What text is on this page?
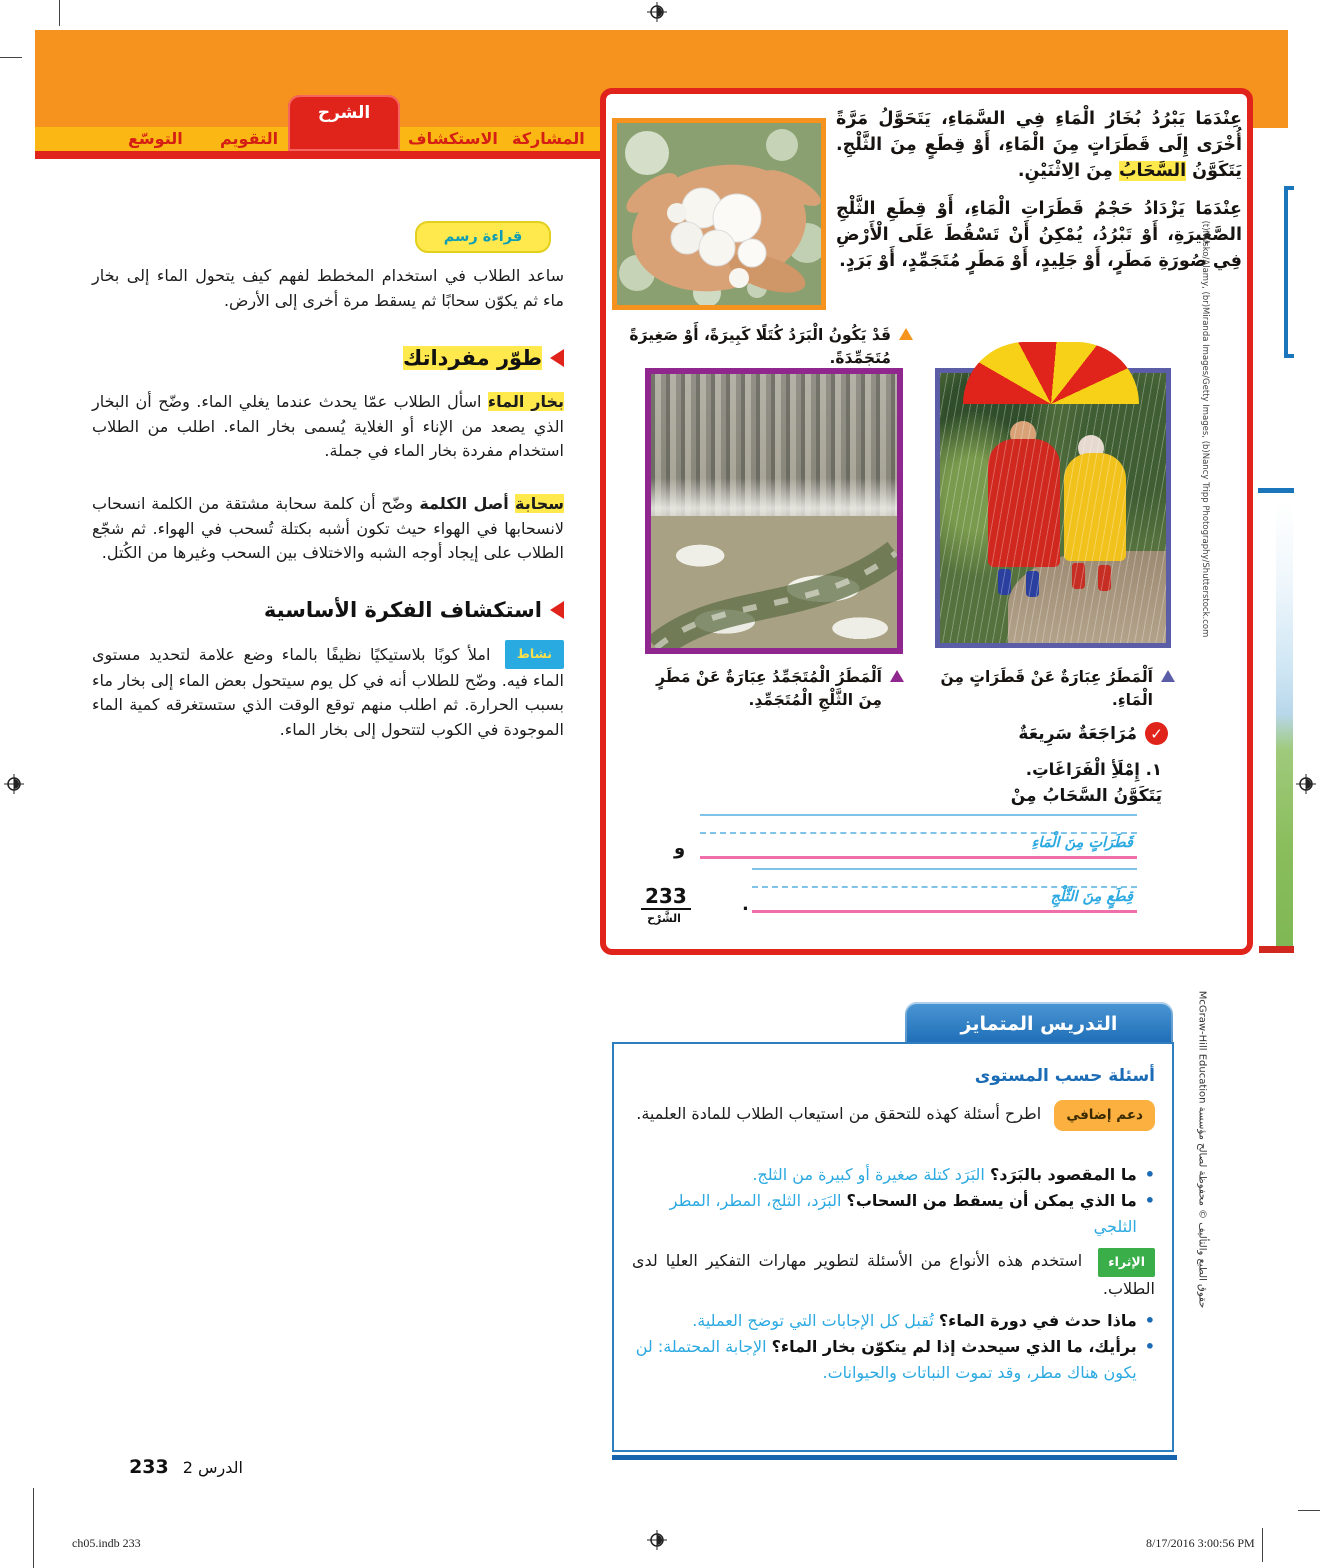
المشاركة
الاستكشاف
الشرح
التقويم
التوسّع
قراءة رسم
ساعد الطلاب في استخدام المخطط لفهم كيف يتحول الماء إلى بخار ماء ثم يكوّن سحابًا ثم يسقط مرة أخرى إلى الأرض.
طوّر مفرداتك
بخار الماء اسأل الطلاب عمّا يحدث عندما يغلي الماء. وضّح أن البخار الذي يصعد من الإناء أو الغلاية يُسمى بخار الماء. اطلب من الطلاب استخدام مفردة بخار الماء في جملة.
سحابة أصل الكلمة وضّح أن كلمة سحابة مشتقة من الكلمة انسحاب لانسحابها في الهواء حيث تكون أشبه بكتلة تُسحب في الهواء. ثم شجّع الطلاب على إيجاد أوجه الشبه والاختلاف بين السحب وغيرها من الكُتل.
استكشاف الفكرة الأساسية
نشاط املأ كوبًا بلاستيكيًا نظيفًا بالماء وضع علامة لتحديد مستوى الماء فيه. وضّح للطلاب أنه في كل يوم سيتحول بعض الماء إلى بخار ماء بسبب الحرارة. ثم اطلب منهم توقع الوقت الذي ستستغرقه كمية الماء الموجودة في الكوب لتتحول إلى بخار الماء.
عِنْدَمَا يَبْرُدُ بُخَارُ الْمَاءِ فِي السَّمَاءِ، يَتَحَوَّلُ مَرَّةً أُخْرَى إِلَى قَطَرَاتٍ مِنَ الْمَاءِ، أَوْ قِطَعٍ مِنَ الثَّلْجِ. يَتَكَوَّنُ السَّحَابُ مِنَ الِاثْنَيْنِ.
عِنْدَمَا يَزْدَادُ حَجْمُ قَطَرَاتِ الْمَاءِ، أَوْ قِطَعِ الثَّلْجِ الصَّغِيرَةِ، أَوْ تَبْرُدُ، يُمْكِنُ أَنْ تَسْقُطَ عَلَى الْأَرْضِ فِي صُورَةِ مَطَرٍ، أَوْ جَلِيدٍ، أَوْ مَطَرٍ مُتَجَمِّدٍ، أَوْ بَرَدٍ.
قَدْ يَكُونُ الْبَرَدُ كُتَلًا كَبِيرَةً، أَوْ صَغِيرَةً مُتَجَمِّدَةً.
اَلْمَطَرُ الْمُتَجَمِّدُ عِبَارَةٌ عَنْ مَطَرٍ مِنَ الثَّلْجِ الْمُتَجَمِّدِ.
اَلْمَطَرُ عِبَارَةٌ عَنْ قَطَرَاتٍ مِنَ الْمَاءِ.
✓
مُرَاجَعَةٌ سَرِيعَةٌ
١. إِمْلَأِ الْفَرَاغَاتِ.
يَتَكَوَّنُ السَّحَابُ مِنْ
قَطَرَاتٍ مِنَ الْمَاءِ
و
قِطَعٍ مِنَ الثَّلْجِ
.
233
الشَّرْح
التدريس المتمايز
أسئلة حسب المستوى
دعم إضافي اطرح أسئلة كهذه للتحقق من استيعاب الطلاب للمادة العلمية.
•
ما المقصود بالبَرَد؟ البَرَد كتلة صغيرة أو كبيرة من الثلج.
•
ما الذي يمكن أن يسقط من السحاب؟ البَرَد، الثلج، المطر، المطر الثلجي
الإثراء استخدم هذه الأنواع من الأسئلة لتطوير مهارات التفكير العليا لدى الطلاب.
•
ماذا حدث في دورة الماء؟ تُقبل كل الإجابات التي توضح العملية.
•
برأيك، ما الذي سيحدث إذا لم يتكوّن بخار الماء؟ الإجابة المحتملة: لن يكون هناك مطر، وقد تموت النباتات والحيوانات.
(t)Nusko/Alamy, (br)Miranda Images/Getty Images, (b)Nancy Tripp Photography/Shutterstock.com
حقوق الطبع والتأليف © محفوظة لصالح مؤسسة McGraw-Hill Education
الدرس 2
233
ch05.indb 233	8/17/2016 3:00:56 PM
